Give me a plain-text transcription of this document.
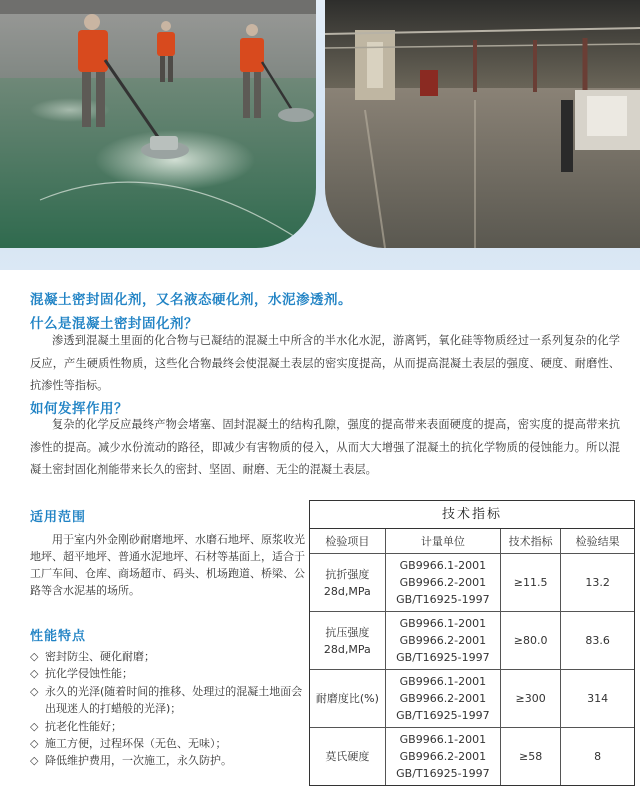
混凝土密封固化剂，又名液态硬化剂，水泥渗透剂。
什么是混凝土密封固化剂？
渗透到混凝土里面的化合物与已凝结的混凝土中所含的半水化水泥，游离钙，氧化硅等物质经过一系列复杂的化学反应，产生硬质性物质，这些化合物最终会使混凝土表层的密实度提高，从而提高混凝土表层的强度、硬度、耐磨性、抗渗性等指标。
如何发挥作用？
复杂的化学反应最终产物会堵塞、固封混凝土的结构孔隙，强度的提高带来表面硬度的提高，密实度的提高带来抗渗性的提高。减少水份流动的路径，即减少有害物质的侵入，从而大大增强了混凝土的抗化学物质的侵蚀能力。所以混凝土密封固化剂能带来长久的密封、坚固、耐磨、无尘的混凝土表层。
适用范围
用于室内外金刚砂耐磨地坪、水磨石地坪、原浆收光地坪、超平地坪、普通水泥地坪、石材等基面上，适合于工厂车间、仓库、商场超市、码头、机场跑道、桥梁、公路等含水泥基的场所。
性能特点
◇ 密封防尘、硬化耐磨；
◇ 抗化学侵蚀性能；
◇ 永久的光泽(随着时间的推移、处理过的混凝土地面会出现迷人的打蜡般的光泽)；
◇ 抗老化性能好；
◇ 施工方便，过程环保（无色、无味）；
◇ 降低维护费用，一次施工，永久防护。
技术指标
检验项目	计量单位	技术指标	检验结果

抗折强度
28d,MPa	GB9966.1-2001
GB9966.2-2001
GB/T16925-1997	≥11.5	13.2

抗压强度
28d,MPa	GB9966.1-2001
GB9966.2-2001
GB/T16925-1997	≥80.0	83.6

耐磨度比(%)	GB9966.1-2001
GB9966.2-2001
GB/T16925-1997	≥300	314

莫氏硬度	GB9966.1-2001
GB9966.2-2001
GB/T16925-1997	≥58	8
